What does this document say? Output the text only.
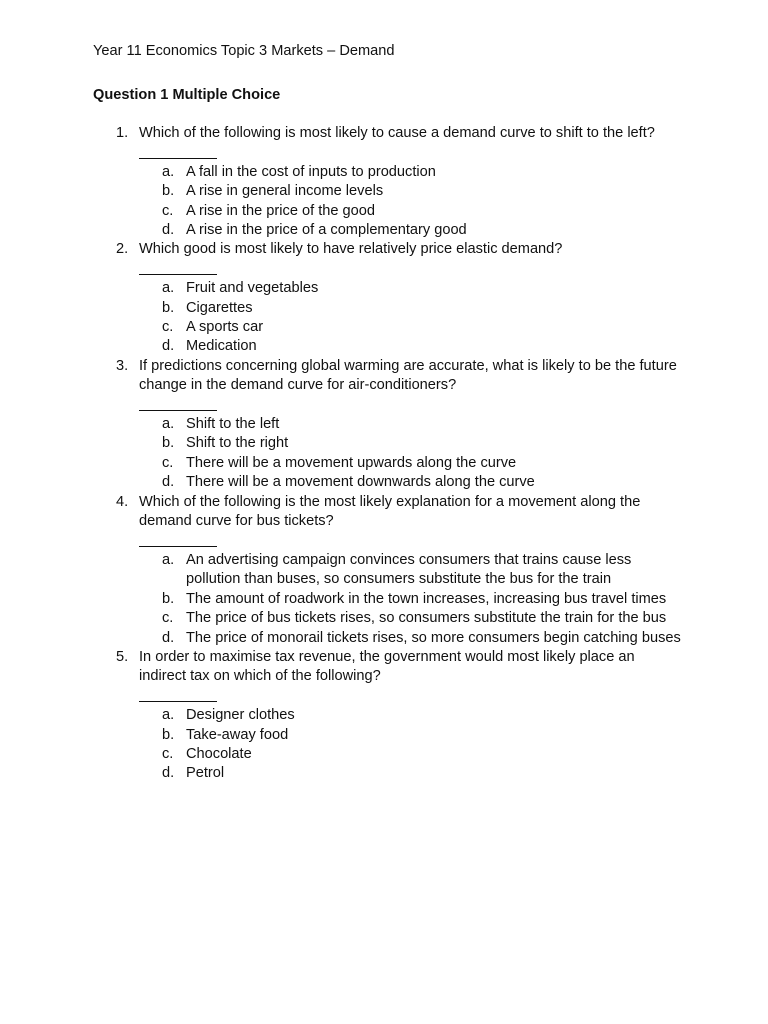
Year 11 Economics Topic 3 Markets – Demand
Question 1 Multiple Choice
1. Which of the following is most likely to cause a demand curve to shift to the left?
a. A fall in the cost of inputs to production
b. A rise in general income levels
c. A rise in the price of the good
d. A rise in the price of a complementary good
2. Which good is most likely to have relatively price elastic demand?
a. Fruit and vegetables
b. Cigarettes
c. A sports car
d. Medication
3. If predictions concerning global warming are accurate, what is likely to be the future change in the demand curve for air-conditioners?
a. Shift to the left
b. Shift to the right
c. There will be a movement upwards along the curve
d. There will be a movement downwards along the curve
4. Which of the following is the most likely explanation for a movement along the demand curve for bus tickets?
a. An advertising campaign convinces consumers that trains cause less pollution than buses, so consumers substitute the bus for the train
b. The amount of roadwork in the town increases, increasing bus travel times
c. The price of bus tickets rises, so consumers substitute the train for the bus
d. The price of monorail tickets rises, so more consumers begin catching buses
5. In order to maximise tax revenue, the government would most likely place an indirect tax on which of the following?
a. Designer clothes
b. Take-away food
c. Chocolate
d. Petrol
